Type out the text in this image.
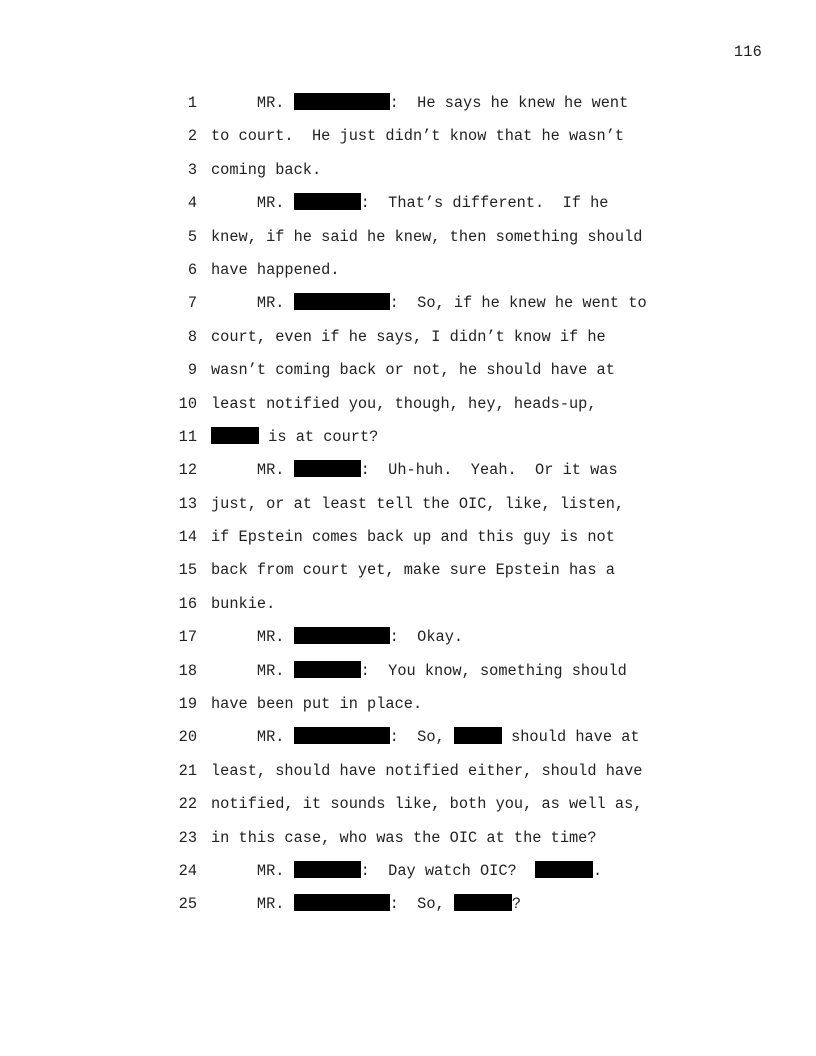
116
1 MR.	:  He says he knew he went
2 to court.  He just didn’t know that he wasn’t
3 coming back.
4 MR.	:  That’s different.  If he
5 knew, if he said he knew, then something should
6 have happened.
7 MR.	:  So, if he knew he went to
8 court, even if he says, I didn’t know if he
9 wasn’t coming back or not, he should have at
10 least notified you, though, hey, heads-up,
11	is at court?
12 MR.	:  Uh-huh.  Yeah.  Or it was
13 just, or at least tell the OIC, like, listen,
14 if Epstein comes back up and this guy is not
15 back from court yet, make sure Epstein has a
16 bunkie.
17 MR.	:  Okay.
18 MR.	:  You know, something should
19 have been put in place.
20 MR.	:  So,	should have at
21 least, should have notified either, should have
22 notified, it sounds like, both you, as well as,
23 in this case, who was the OIC at the time?
24 MR.	:  Day watch OIC?	.
25 MR.	:  So,	?
